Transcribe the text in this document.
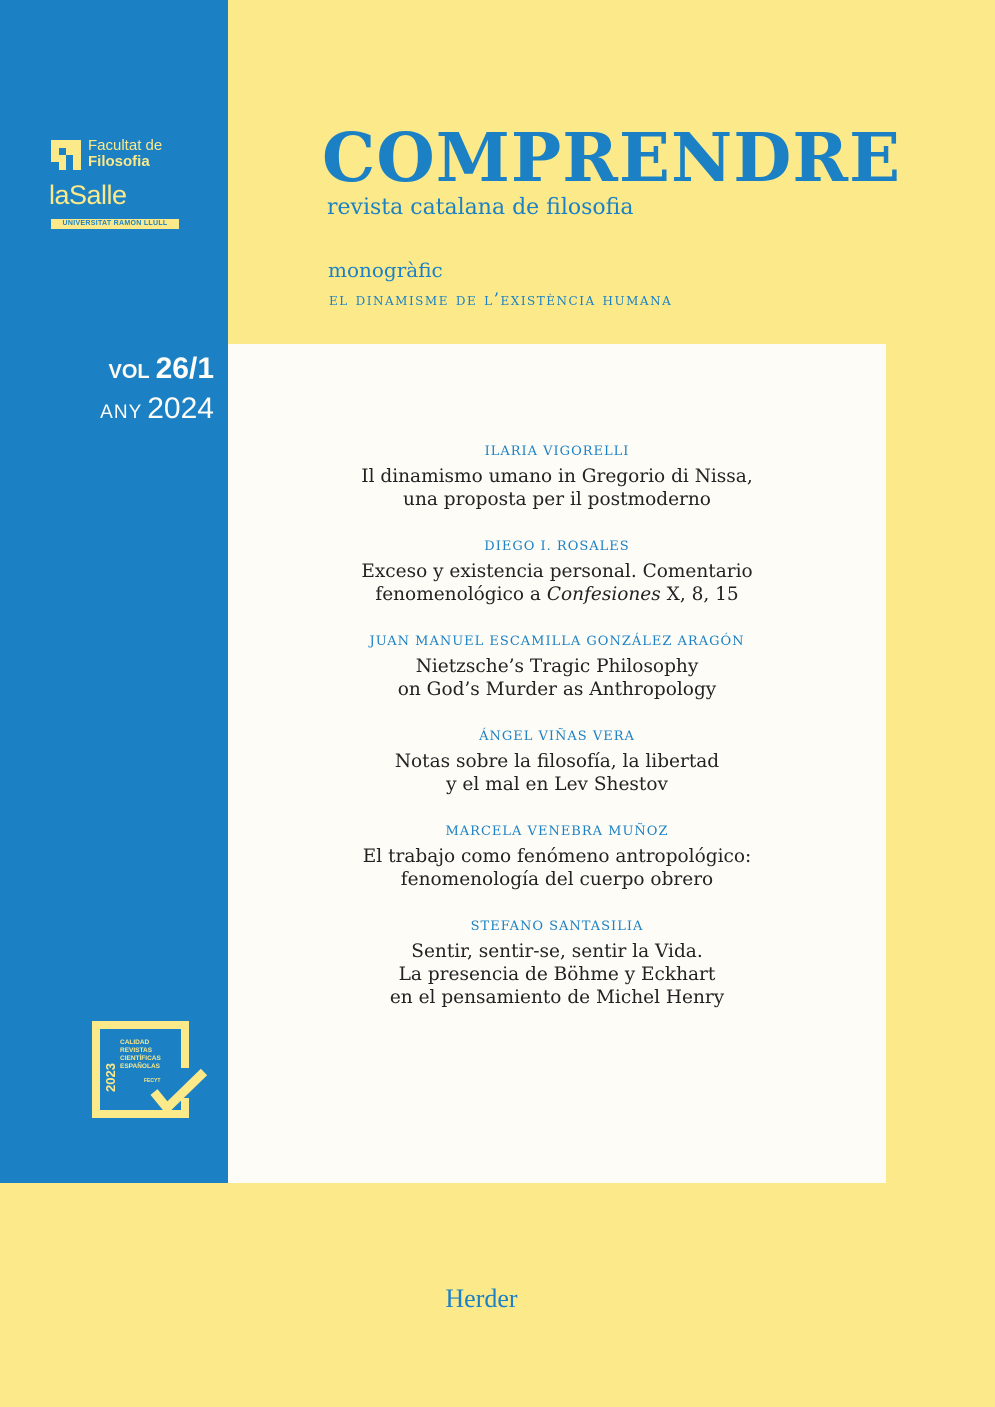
Facultat de
Filosofia
laSalle
UNIVERSITAT RAMON LLULL
VOL 26/1
ANY 2024
COMPRENDRE
revista catalana de filosofia
monogràfic
el dinamisme de l’existència humana
ILARIA VIGORELLI
Il dinamismo umano in Gregorio di Nissa,
una proposta per il postmoderno
DIEGO I. ROSALES
Exceso y existencia personal. Comentario
fenomenológico a Confesiones X, 8, 15
JUAN MANUEL ESCAMILLA GONZÁLEZ ARAGÓN
Nietzsche’s Tragic Philosophy
on God’s Murder as Anthropology
ÁNGEL VIÑAS VERA
Notas sobre la filosofía, la libertad
y el mal en Lev Shestov
MARCELA VENEBRA MUÑOZ
El trabajo como fenómeno antropológico:
fenomenología del cuerpo obrero
STEFANO SANTASILIA
Sentir, sentir-se, sentir la Vida.
La presencia de Böhme y Eckhart
en el pensamiento de Michel Henry
2023
CALIDAD
REVISTAS
CIENTÍFICAS
ESPAÑOLAS
FECYT
Herder
